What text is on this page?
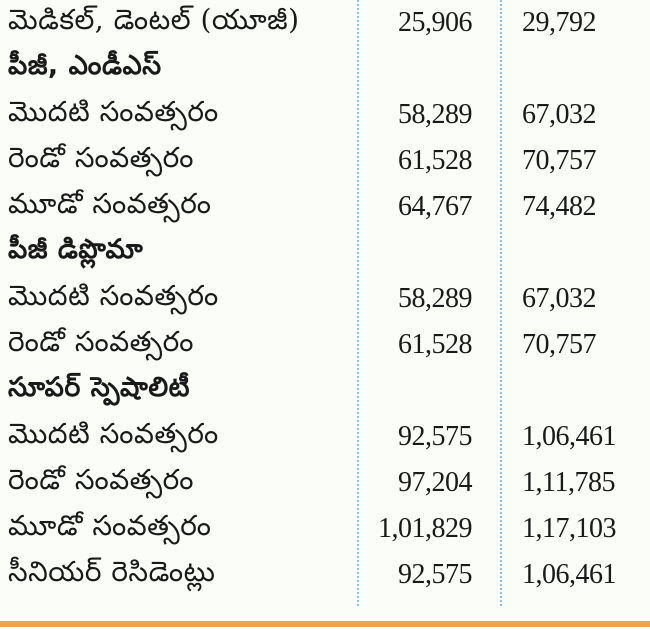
మెడికల్, డెంటల్ (యూజీ)	25,906 29,792
పీజీ, ఎండీఎస్
మొదటి సంవత్సరం	58,289 67,032
రెండో సంవత్సరం	61,528 70,757
మూడో సంవత్సరం	64,767 74,482
పీజీ డిప్లొమా
మొదటి సంవత్సరం	58,289 67,032
రెండో సంవత్సరం	61,528 70,757
సూపర్ స్పెషాలిటీ
మొదటి సంవత్సరం	92,575 1,06,461
రెండో సంవత్సరం	97,204 1,11,785
మూడో సంవత్సరం	1,01,829 1,17,103
సీనియర్ రెసిడెంట్లు	92,575 1,06,461
